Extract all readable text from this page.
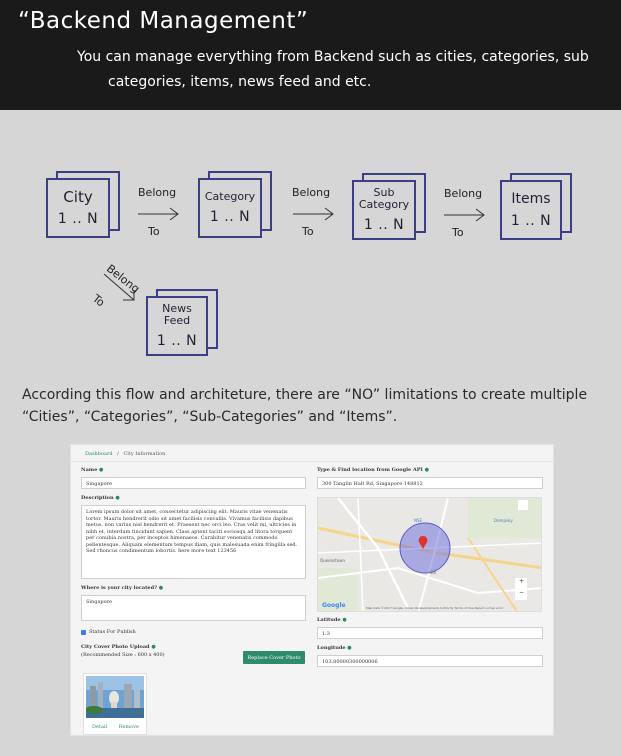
“Backend Management”
You can manage everything from Backend such as cities, categories, sub
categories, items, news feed and etc.
City
1 .. N
Belong
To
Category
1 .. N
Belong
To
Sub
Category
1 .. N
Belong
To
Items
1 .. N
Belong
To	News Feed
1 .. N
According this flow and architeture, there are “NO” limitations to create multiple
“Cities”, “Categories”, “Sub-Categories” and “Items”.
Dashboard / City Information
Name ●
Singapore
Description ●
Lorem ipsum dolor sit amet, consectetur adipiscing elit. Mauris vitae venenatis tortor. Mauris hendrerit odio sit amet facilisis convallis. Vivamus facilisis dapibus metus, non varius nisl hendrerit et. Praesent nec orci leo. Cras velit mi, ultricies in nibh et, interdum tincidunt sapien. Class aptent taciti sociosqu ad litora torquent per conubia nostra, per inceptos himenaeos. Curabitur venenatis commodo pellentesque. Aliquam elementum tempus diam, quis malesuada enim fringilla sed. Sed rhoncus condimentum lobortis. here more text 123456
Where is your city located? ●
Singapore
Status For Publish
City Cover Photo Upload ●
(Recommended Size : 600 x 400)	Replace Cover Photo
Detail Remove
Type & Find location from Google API ●
300 Tanglin Halt Rd, Singapore 148812
Dempsey
NSE
Sin
Queenstown
+
−
Google	Map data ©2017 Google, Urban Redevelopment Authority Terms of Use Report a map error
Latitude ●
1.3
Longitude ●
103.80000300000006
